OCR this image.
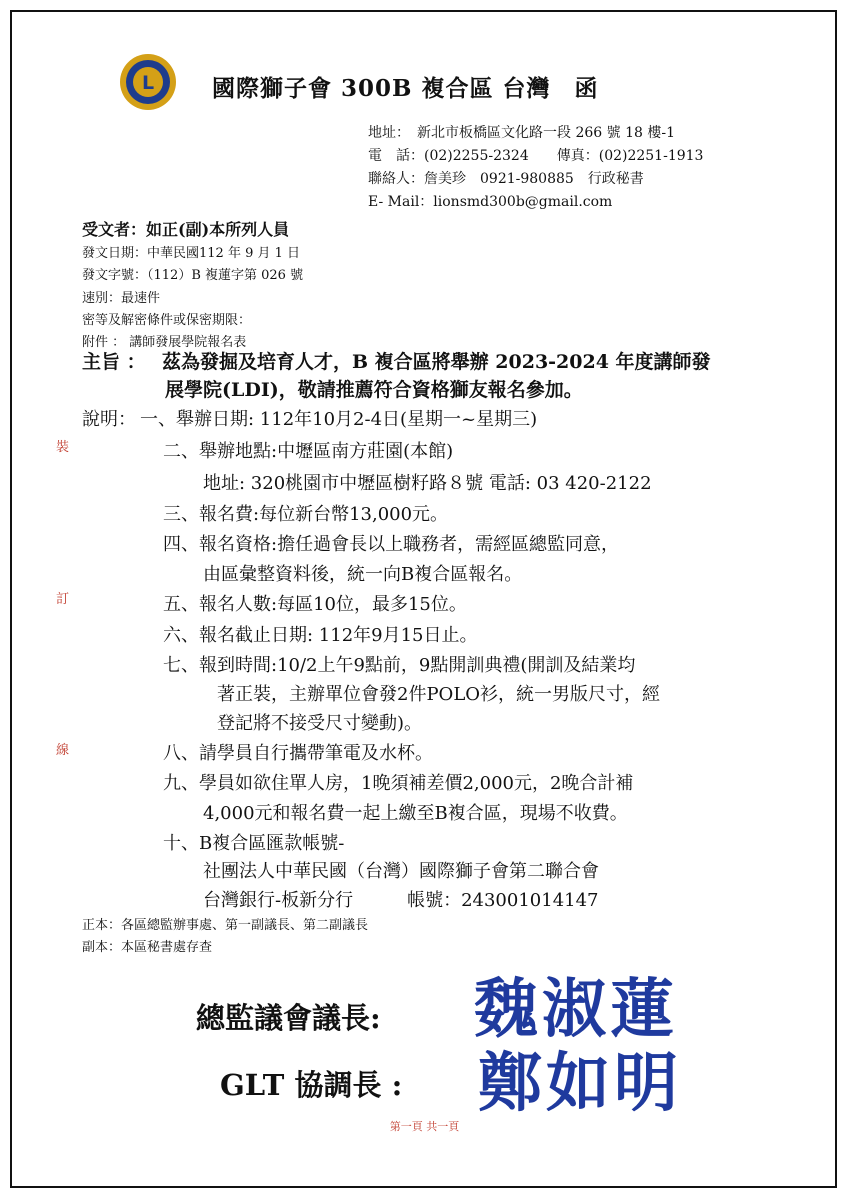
L	國際獅子會 300B 複合區 台灣　函
地址：　新北市板橋區文化路一段 266 號 18 樓-1
電　話：(02)2255-2324　　傳真：(02)2251-1913
聯絡人：詹美珍　0921-980885　行政秘書
E- Mail：lionsmd300b@gmail.com
受文者：如正(副)本所列人員
發文日期：中華民國112 年 9 月 1 日
發文字號：（112）B 複蓮字第 026 號
速別：最速件
密等及解密條件或保密期限：
附件 ： 講師發展學院報名表
主旨 ： 茲為發掘及培育人才，B 複合區將舉辦 2023-2024 年度講師發
展學院(LDI)，敬請推薦符合資格獅友報名參加。
說明： 一、舉辦日期: 112年10月2-4日(星期一~星期三)
二、舉辦地點:中壢區南方莊園(本館)
地址: 320桃園市中壢區樹籽路８號 電話: 03 420-2122
三、報名費:每位新台幣13,000元。
四、報名資格:擔任過會長以上職務者，需經區總監同意，
由區彙整資料後，統一向B複合區報名。
五、報名人數:每區10位，最多15位。
六、報名截止日期: 112年9月15日止。
七、報到時間:10/2上午9點前，9點開訓典禮(開訓及結業均
著正裝，主辦單位會發2件POLO衫，統一男版尺寸，經
登記將不接受尺寸變動)。
八、請學員自行攜帶筆電及水杯。
九、學員如欲住單人房，1晚須補差價2,000元，2晚合計補
4,000元和報名費一起上繳至B複合區，現場不收費。
十、B複合區匯款帳號-
社團法人中華民國（台灣）國際獅子會第二聯合會
台灣銀行-板新分行　　　帳號：243001014147
裝
訂
線
正本：各區總監辦事處、第一副議長、第二副議長
副本：本區秘書處存查
總監議會議長: 魏淑蓮
GLT 協調長 : 鄭如明
第一頁 共一頁
